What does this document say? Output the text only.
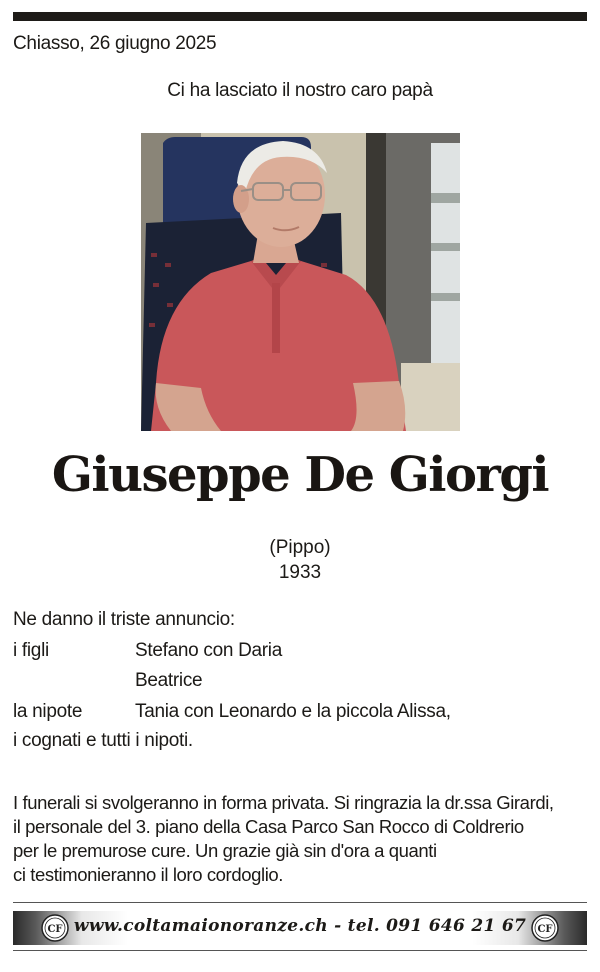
Chiasso, 26 giugno 2025
Ci ha lasciato il nostro caro papà
Giuseppe De Giorgi
(Pippo)
1933
Ne danno il triste annuncio:
i figli	Stefano con Daria
Beatrice
la nipote	Tania con Leonardo e la piccola Alissa,
i cognati e tutti i nipoti.
I funerali si svolgeranno in forma privata. Si ringrazia la dr.ssa Girardi,
il personale del 3. piano della Casa Parco San Rocco di Coldrerio
per le premurose cure. Un grazie già sin d'ora a quanti
ci testimonieranno il loro cordoglio.
CF www.coltamaionoranze.ch - tel. 091 646 21 67	CF
